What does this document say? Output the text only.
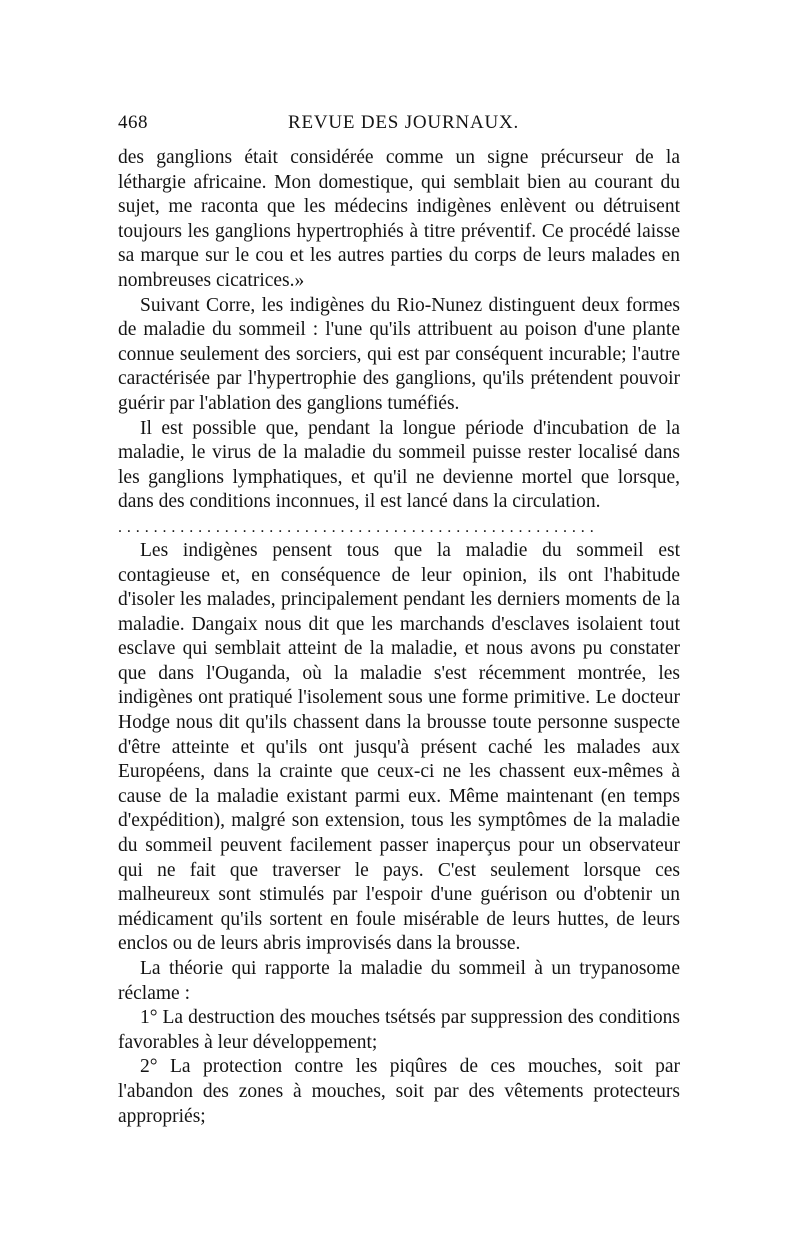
468	REVUE DES JOURNAUX.

des ganglions était considérée comme un signe précurseur de la léthargie africaine. Mon domestique, qui semblait bien au courant du sujet, me raconta que les médecins indigènes enlèvent ou détruisent toujours les ganglions hypertrophiés à titre préventif. Ce procédé laisse sa marque sur le cou et les autres parties du corps de leurs malades en nombreuses cicatrices.»

Suivant Corre, les indigènes du Rio-Nunez distinguent deux formes de maladie du sommeil : l'une qu'ils attribuent au poison d'une plante connue seulement des sorciers, qui est par conséquent incurable; l'autre caractérisée par l'hypertrophie des ganglions, qu'ils prétendent pouvoir guérir par l'ablation des ganglions tuméfiés.

Il est possible que, pendant la longue période d'incubation de la maladie, le virus de la maladie du sommeil puisse rester localisé dans les ganglions lymphatiques, et qu'il ne devienne mortel que lorsque, dans des conditions inconnues, il est lancé dans la circulation.

......................................................

Les indigènes pensent tous que la maladie du sommeil est contagieuse et, en conséquence de leur opinion, ils ont l'habitude d'isoler les malades, principalement pendant les derniers moments de la maladie. Dangaix nous dit que les marchands d'esclaves isolaient tout esclave qui semblait atteint de la maladie, et nous avons pu constater que dans l'Ouganda, où la maladie s'est récemment montrée, les indigènes ont pratiqué l'isolement sous une forme primitive. Le docteur Hodge nous dit qu'ils chassent dans la brousse toute personne suspecte d'être atteinte et qu'ils ont jusqu'à présent caché les malades aux Européens, dans la crainte que ceux-ci ne les chassent eux-mêmes à cause de la maladie existant parmi eux. Même maintenant (en temps d'expédition), malgré son extension, tous les symptômes de la maladie du sommeil peuvent facilement passer inaperçus pour un observateur qui ne fait que traverser le pays. C'est seulement lorsque ces malheureux sont stimulés par l'espoir d'une guérison ou d'obtenir un médicament qu'ils sortent en foule misérable de leurs huttes, de leurs enclos ou de leurs abris improvisés dans la brousse.

La théorie qui rapporte la maladie du sommeil à un trypanosome réclame :

1° La destruction des mouches tsétsés par suppression des conditions favorables à leur développement;

2° La protection contre les piqûres de ces mouches, soit par l'abandon des zones à mouches, soit par des vêtements protecteurs appropriés;
